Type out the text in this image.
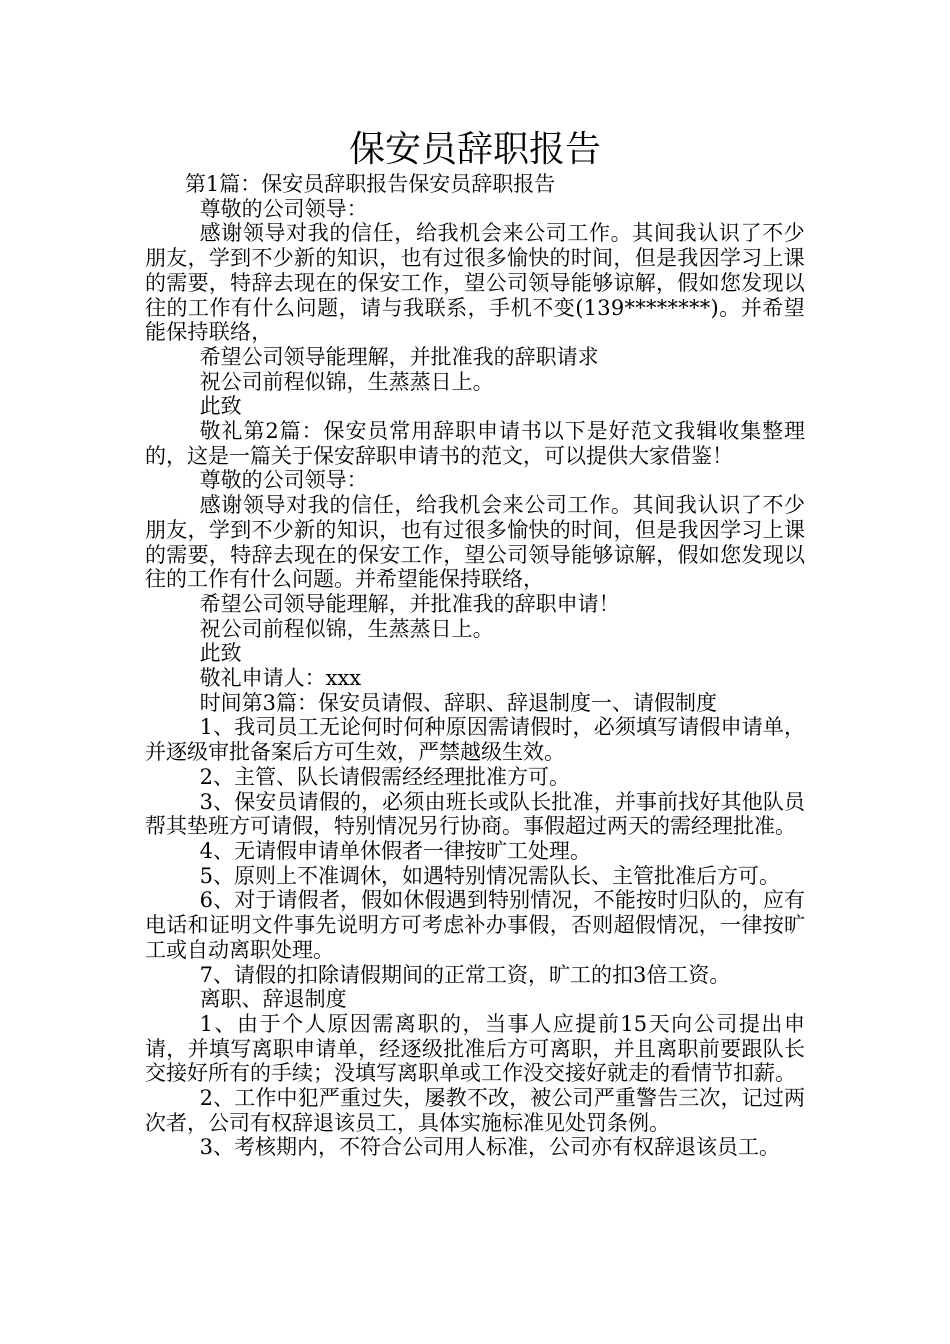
保安员辞职报告

第1篇：保安员辞职报告保安员辞职报告

尊敬的公司领导：

感谢领导对我的信任，给我机会来公司工作。其间我认识了不少朋友，学到不少新的知识，也有过很多愉快的时间，但是我因学习上课的需要，特辞去现在的保安工作，望公司领导能够谅解，假如您发现以往的工作有什么问题，请与我联系，手机不变(139********)。并希望能保持联络，

希望公司领导能理解，并批准我的辞职请求

祝公司前程似锦，生蒸蒸日上。

此致

敬礼第2篇：保安员常用辞职申请书以下是好范文我辑收集整理的，这是一篇关于保安辞职申请书的范文，可以提供大家借鉴！

尊敬的公司领导：

感谢领导对我的信任，给我机会来公司工作。其间我认识了不少朋友，学到不少新的知识，也有过很多愉快的时间，但是我因学习上课的需要，特辞去现在的保安工作，望公司领导能够谅解，假如您发现以往的工作有什么问题。并希望能保持联络，

希望公司领导能理解，并批准我的辞职申请！

祝公司前程似锦，生蒸蒸日上。

此致

敬礼申请人：xxx

时间第3篇：保安员请假、辞职、辞退制度一、请假制度

1、我司员工无论何时何种原因需请假时，必须填写请假申请单，并逐级审批备案后方可生效，严禁越级生效。

2、主管、队长请假需经经理批准方可。

3、保安员请假的，必须由班长或队长批准，并事前找好其他队员帮其垫班方可请假，特别情况另行协商。事假超过两天的需经理批准。

4、无请假申请单休假者一律按旷工处理。

5、原则上不准调休，如遇特别情况需队长、主管批准后方可。

6、对于请假者，假如休假遇到特别情况，不能按时归队的，应有电话和证明文件事先说明方可考虑补办事假，否则超假情况，一律按旷工或自动离职处理。

7、请假的扣除请假期间的正常工资，旷工的扣3倍工资。

离职、辞退制度

1、由于个人原因需离职的，当事人应提前15天向公司提出申请，并填写离职申请单，经逐级批准后方可离职，并且离职前要跟队长交接好所有的手续；没填写离职单或工作没交接好就走的看情节扣薪。

2、工作中犯严重过失，屡教不改，被公司严重警告三次，记过两次者，公司有权辞退该员工，具体实施标准见处罚条例。

3、考核期内，不符合公司用人标准，公司亦有权辞退该员工。
